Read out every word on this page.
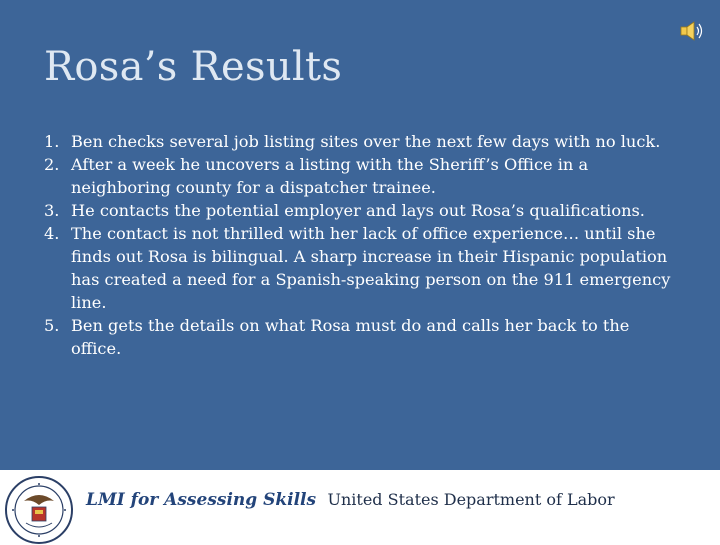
Rosa’s Results
1. Ben checks several job listing sites over the next few days with no luck.
2. After a week he uncovers a listing with the Sheriff’s Office in a neighboring county for a dispatcher trainee.
3. He contacts the potential employer and lays out Rosa’s qualifications.
4. The contact is not thrilled with her lack of office experience… until she finds out Rosa is bilingual. A sharp increase in their Hispanic population has created a need for a Spanish-speaking person on the 911 emergency line.
5. Ben gets the details on what Rosa must do and calls her back to the office.
LMI for Assessing Skills United States Department of Labor
